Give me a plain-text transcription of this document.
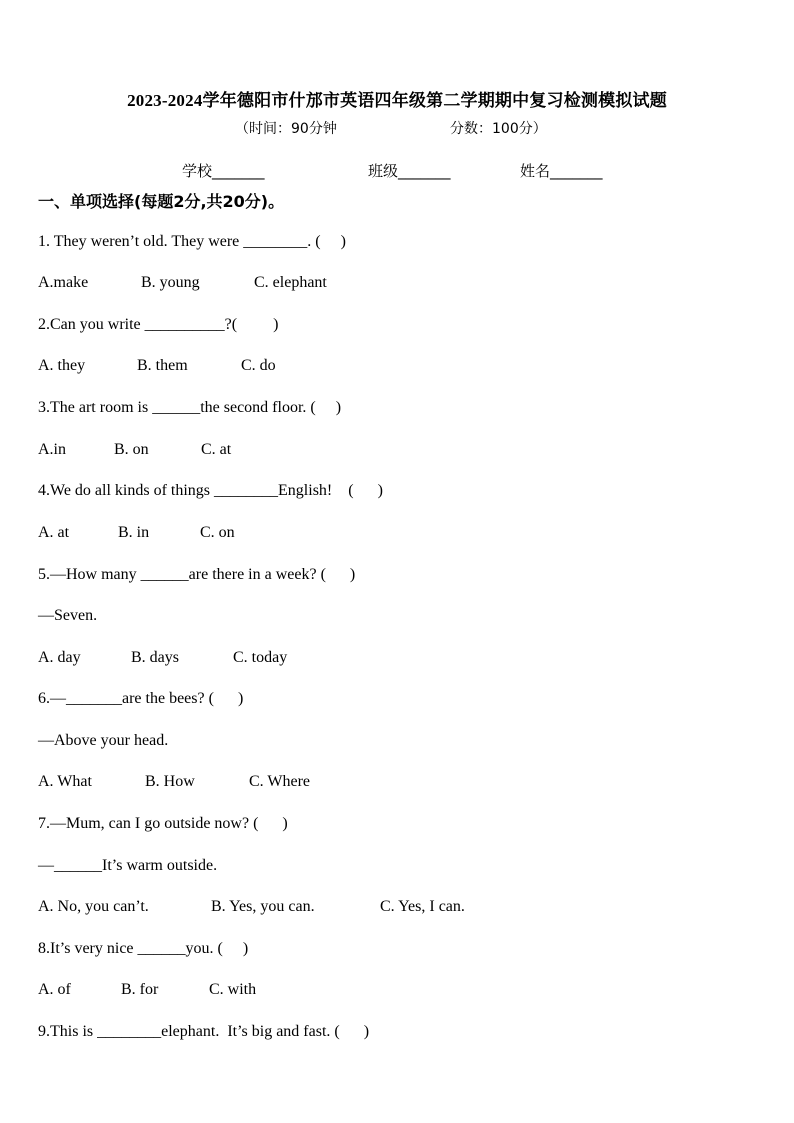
2023-2024学年德阳市什邡市英语四年级第二学期期中复习检测模拟试题
（时间：90分钟	分数：100分）
学校_______	班级_______	姓名_______
一、单项选择(每题2分,共20分)。
1. They weren’t old. They were ________. (     )
A.make	B. young	C. elephant
2.Can you write __________?(         )
A. they	B. them	C. do
3.The art room is ______the second floor. (     )
A.in	B. on	C. at
4.We do all kinds of things ________English!    (      )
A. at	B. in	C. on
5.—How many ______are there in a week? (      )
—Seven.
A. day	B. days	C. today
6.—_______are the bees? (      )
—Above your head.
A. What	B. How	C. Where
7.—Mum, can I go outside now? (      )
—______It’s warm outside.
A. No, you can’t.	B. Yes, you can.	C. Yes, I can.
8.It’s very nice ______you. (     )
A. of	B. for	C. with
9.This is ________elephant.  It’s big and fast. (      )
